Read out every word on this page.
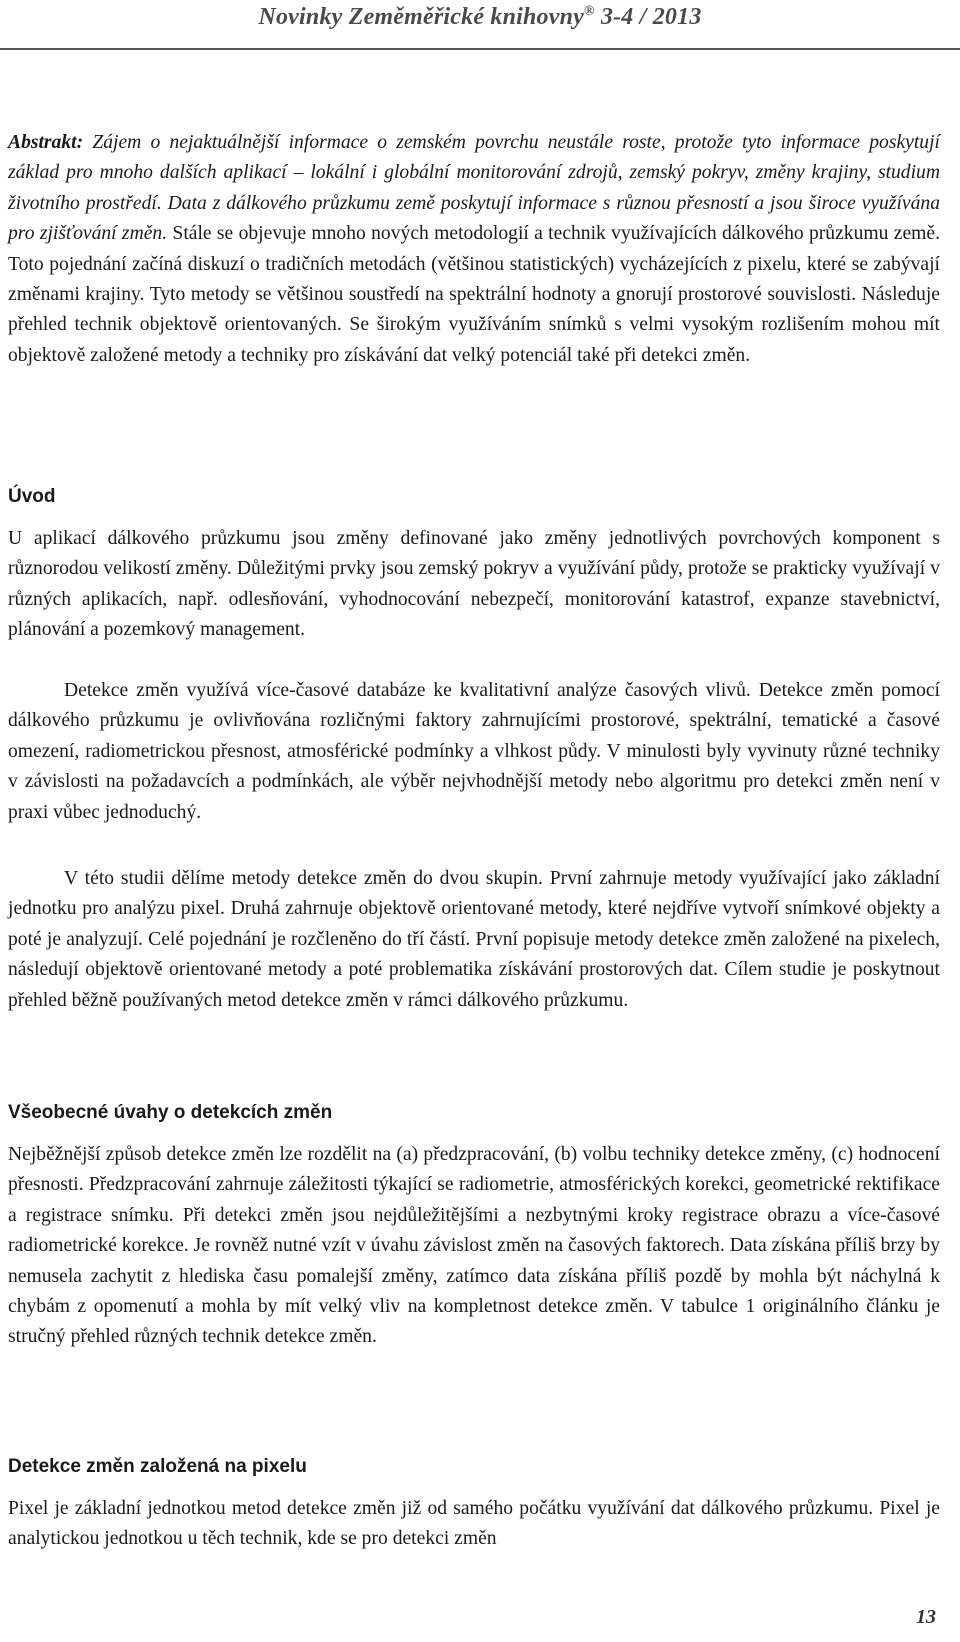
Novinky Zeměměřické knihovny® 3-4 / 2013
Abstrakt: Zájem o nejaktuálnější informace o zemském povrchu neustále roste, protože tyto informace poskytují základ pro mnoho dalších aplikací – lokální i globální monitorování zdrojů, zemský pokryv, změny krajiny, studium životního prostředí. Data z dálkového průzkumu země poskytují informace s různou přesností a jsou široce využívána pro zjišťování změn. Stále se objevuje mnoho nových metodologií a technik využívajících dálkového průzkumu země. Toto pojednání začíná diskuzí o tradičních metodách (většinou statistických) vycházejících z pixelu, které se zabývají změnami krajiny. Tyto metody se většinou soustředí na spektrální hodnoty a gnorují prostorové souvislosti. Následuje přehled technik objektově orientovaných. Se širokým využíváním snímků s velmi vysokým rozlišením mohou mít objektově založené metody a techniky pro získávání dat velký potenciál také při detekci změn.
Úvod
U aplikací dálkového průzkumu jsou změny definované jako změny jednotlivých povrchových komponent s různorodou velikostí změny. Důležitými prvky jsou zemský pokryv a využívání půdy, protože se prakticky využívají v různých aplikacích, např. odlesňování, vyhodnocování nebezpečí, monitorování katastrof, expanze stavebnictví, plánování a pozemkový management.
Detekce změn využívá více-časové databáze ke kvalitativní analýze časových vlivů. Detekce změn pomocí dálkového průzkumu je ovlivňována rozličnými faktory zahrnujícími prostorové, spektrální, tematické a časové omezení, radiometrickou přesnost, atmosférické podmínky a vlhkost půdy. V minulosti byly vyvinuty různé techniky v závislosti na požadavcích a podmínkách, ale výběr nejvhodnější metody nebo algoritmu pro detekci změn není v praxi vůbec jednoduchý.
V této studii dělíme metody detekce změn do dvou skupin. První zahrnuje metody využívající jako základní jednotku pro analýzu pixel. Druhá zahrnuje objektově orientované metody, které nejdříve vytvoří snímkové objekty a poté je analyzují. Celé pojednání je rozčleněno do tří částí. První popisuje metody detekce změn založené na pixelech, následují objektově orientované metody a poté problematika získávání prostorových dat. Cílem studie je poskytnout přehled běžně používaných metod detekce změn v rámci dálkového průzkumu.
Všeobecné úvahy o detekcích změn
Nejběžnější způsob detekce změn lze rozdělit na (a) předzpracování, (b) volbu techniky detekce změny, (c) hodnocení přesnosti. Předzpracování zahrnuje záležitosti týkající se radiometrie, atmosférických korekci, geometrické rektifikace a registrace snímku. Při detekci změn jsou nejdůležitějšími a nezbytnými kroky registrace obrazu a více-časové radiometrické korekce. Je rovněž nutné vzít v úvahu závislost změn na časových faktorech. Data získána příliš brzy by nemusela zachytit z hlediska času pomalejší změny, zatímco data získána příliš pozdě by mohla být náchylná k chybám z opomenutí a mohla by mít velký vliv na kompletnost detekce změn. V tabulce 1 originálního článku je stručný přehled různých technik detekce změn.
Detekce změn založená na pixelu
Pixel je základní jednotkou metod detekce změn již od samého počátku využívání dat dálkového průzkumu. Pixel je analytickou jednotkou u těch technik, kde se pro detekci změn
13
